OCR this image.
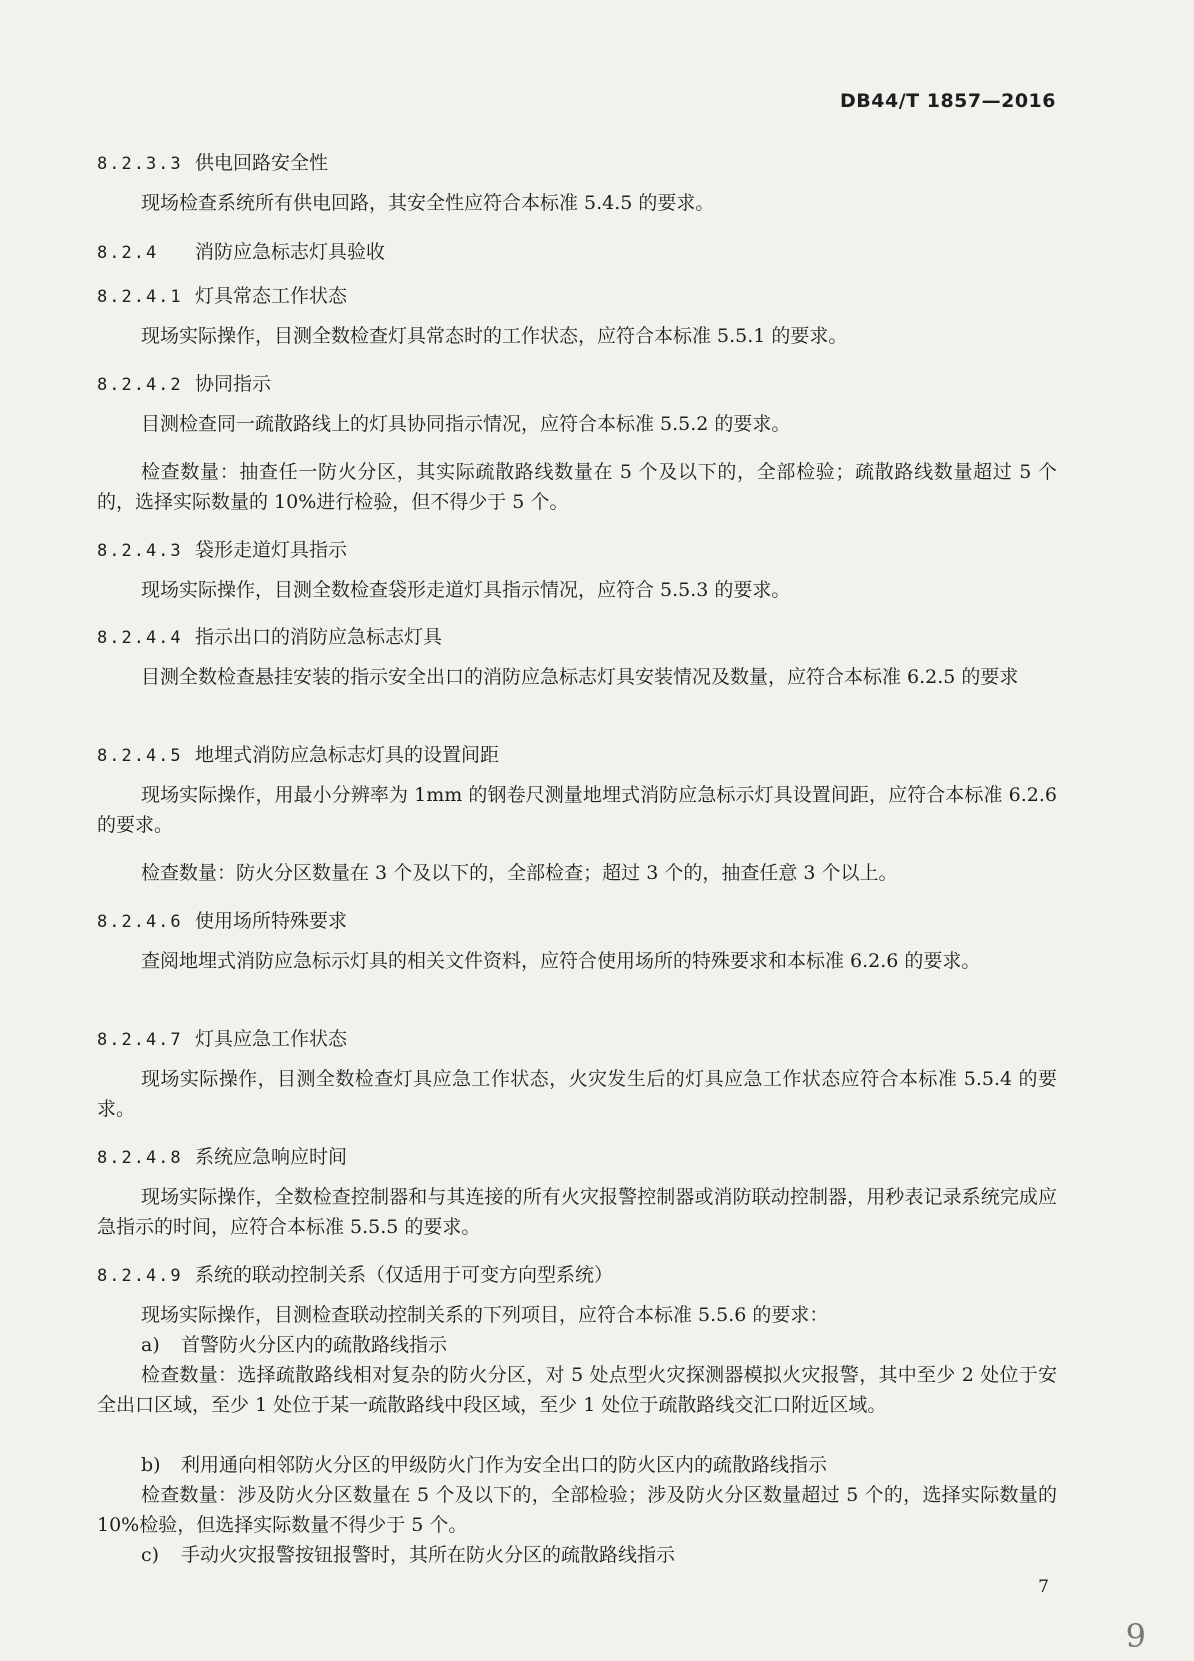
DB44/T 1857—2016
8.2.3.3 供电回路安全性
现场检查系统所有供电回路，其安全性应符合本标准 5.4.5 的要求。
8.2.4 消防应急标志灯具验收
8.2.4.1 灯具常态工作状态
现场实际操作，目测全数检查灯具常态时的工作状态，应符合本标准 5.5.1 的要求。
8.2.4.2 协同指示
目测检查同一疏散路线上的灯具协同指示情况，应符合本标准 5.5.2 的要求。
检查数量：抽查任一防火分区，其实际疏散路线数量在 5 个及以下的，全部检验；疏散路线数量超过 5 个的，选择实际数量的 10%进行检验，但不得少于 5 个。
8.2.4.3 袋形走道灯具指示
现场实际操作，目测全数检查袋形走道灯具指示情况，应符合 5.5.3 的要求。
8.2.4.4 指示出口的消防应急标志灯具
目测全数检查悬挂安装的指示安全出口的消防应急标志灯具安装情况及数量，应符合本标准 6.2.5 的要求
8.2.4.5 地埋式消防应急标志灯具的设置间距
现场实际操作，用最小分辨率为 1mm 的钢卷尺测量地埋式消防应急标示灯具设置间距，应符合本标准 6.2.6 的要求。
检查数量：防火分区数量在 3 个及以下的，全部检查；超过 3 个的，抽查任意 3 个以上。
8.2.4.6 使用场所特殊要求
查阅地埋式消防应急标示灯具的相关文件资料，应符合使用场所的特殊要求和本标准 6.2.6 的要求。
8.2.4.7 灯具应急工作状态
现场实际操作，目测全数检查灯具应急工作状态，火灾发生后的灯具应急工作状态应符合本标准 5.5.4 的要求。
8.2.4.8 系统应急响应时间
现场实际操作，全数检查控制器和与其连接的所有火灾报警控制器或消防联动控制器，用秒表记录系统完成应急指示的时间，应符合本标准 5.5.5 的要求。
8.2.4.9 系统的联动控制关系（仅适用于可变方向型系统）
现场实际操作，目测检查联动控制关系的下列项目，应符合本标准 5.5.6 的要求：
a) 首警防火分区内的疏散路线指示
检查数量：选择疏散路线相对复杂的防火分区，对 5 处点型火灾探测器模拟火灾报警，其中至少 2 处位于安全出口区域，至少 1 处位于某一疏散路线中段区域，至少 1 处位于疏散路线交汇口附近区域。
b) 利用通向相邻防火分区的甲级防火门作为安全出口的防火区内的疏散路线指示
检查数量：涉及防火分区数量在 5 个及以下的，全部检验；涉及防火分区数量超过 5 个的，选择实际数量的 10%检验，但选择实际数量不得少于 5 个。
c) 手动火灾报警按钮报警时，其所在防火分区的疏散路线指示
7
9
